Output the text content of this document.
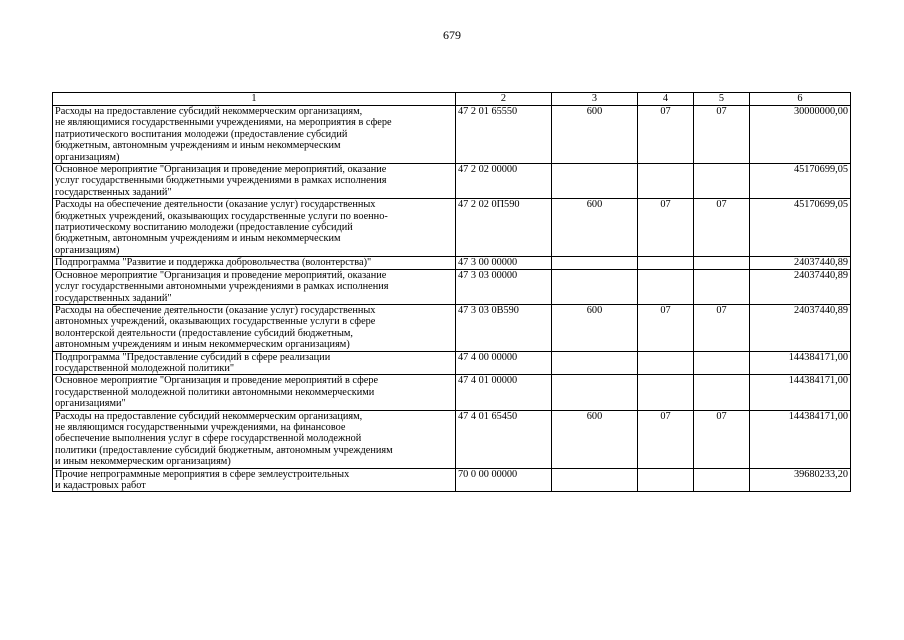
679
1	2	3	4	5	6

Расходы на предоставление субсидий некоммерческим организациям,
не являющимися государственными учреждениями, на мероприятия в сфере
патриотического воспитания молодежи (предоставление субсидий
бюджетным, автономным учреждениям и иным некоммерческим
организациям)	47 2 01 65550	600	07	07	30000000,00

Основное мероприятие "Организация и проведение мероприятий, оказание
услуг государственными бюджетными учреждениями в рамках исполнения
государственных заданий"	47 2 02 00000				45170699,05

Расходы на обеспечение деятельности (оказание услуг) государственных
бюджетных учреждений, оказывающих государственные услуги по военно-
патриотическому воспитанию молодежи (предоставление субсидий
бюджетным, автономным учреждениям и иным некоммерческим
организациям)	47 2 02 0П590	600	07	07	45170699,05

Подпрограмма "Развитие и поддержка добровольчества (волонтерства)"	47 3 00 00000				24037440,89

Основное мероприятие "Организация и проведение мероприятий, оказание
услуг государственными автономными учреждениями в рамках исполнения
государственных заданий"	47 3 03 00000				24037440,89

Расходы на обеспечение деятельности (оказание услуг) государственных
автономных учреждений, оказывающих государственные услуги в сфере
волонтерской деятельности (предоставление субсидий бюджетным,
автономным учреждениям и иным некоммерческим организациям)	47 3 03 0В590	600	07	07	24037440,89

Подпрограмма "Предоставление субсидий в сфере реализации
государственной молодежной политики"	47 4 00 00000				144384171,00

Основное мероприятие "Организация и проведение мероприятий в сфере
государственной молодежной политики автономными некоммерческими
организациями"	47 4 01 00000				144384171,00

Расходы на предоставление субсидий некоммерческим организациям,
не являющимся государственными учреждениями, на финансовое
обеспечение выполнения услуг в сфере государственной молодежной
политики (предоставление субсидий бюджетным, автономным учреждениям
и иным некоммерческим организациям)	47 4 01 65450	600	07	07	144384171,00

Прочие непрограммные мероприятия в сфере землеустроительных
и кадастровых работ	70 0 00 00000				39680233,20
